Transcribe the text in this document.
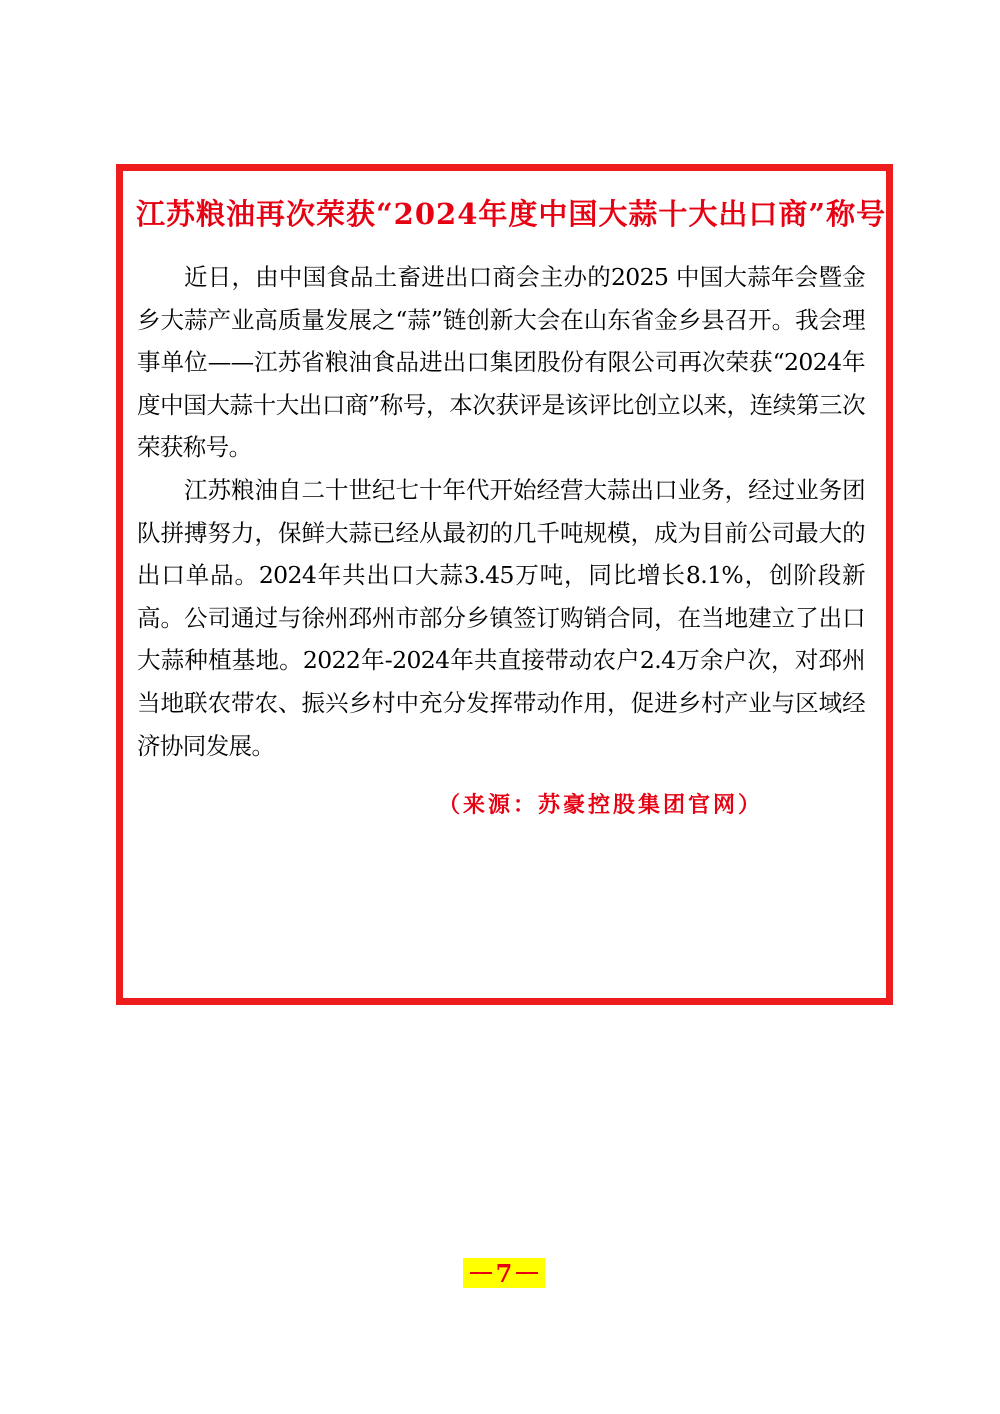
江苏粮油再次荣获“2024年度中国大蒜十大出口商”称号

近日，由中国食品土畜进出口商会主办的2025 中国大蒜年会暨金乡大蒜产业高质量发展之“蒜”链创新大会在山东省金乡县召开。我会理事单位——江苏省粮油食品进出口集团股份有限公司再次荣获“2024年度中国大蒜十大出口商”称号，本次获评是该评比创立以来，连续第三次荣获称号。

江苏粮油自二十世纪七十年代开始经营大蒜出口业务，经过业务团队拼搏努力，保鲜大蒜已经从最初的几千吨规模，成为目前公司最大的出口单品。2024年共出口大蒜3.45万吨，同比增长8.1%，创阶段新高。公司通过与徐州邳州市部分乡镇签订购销合同，在当地建立了出口大蒜种植基地。2022年-2024年共直接带动农户2.4万余户次，对邳州当地联农带农、振兴乡村中充分发挥带动作用，促进乡村产业与区域经济协同发展。

（来源：苏豪控股集团官网）
7
